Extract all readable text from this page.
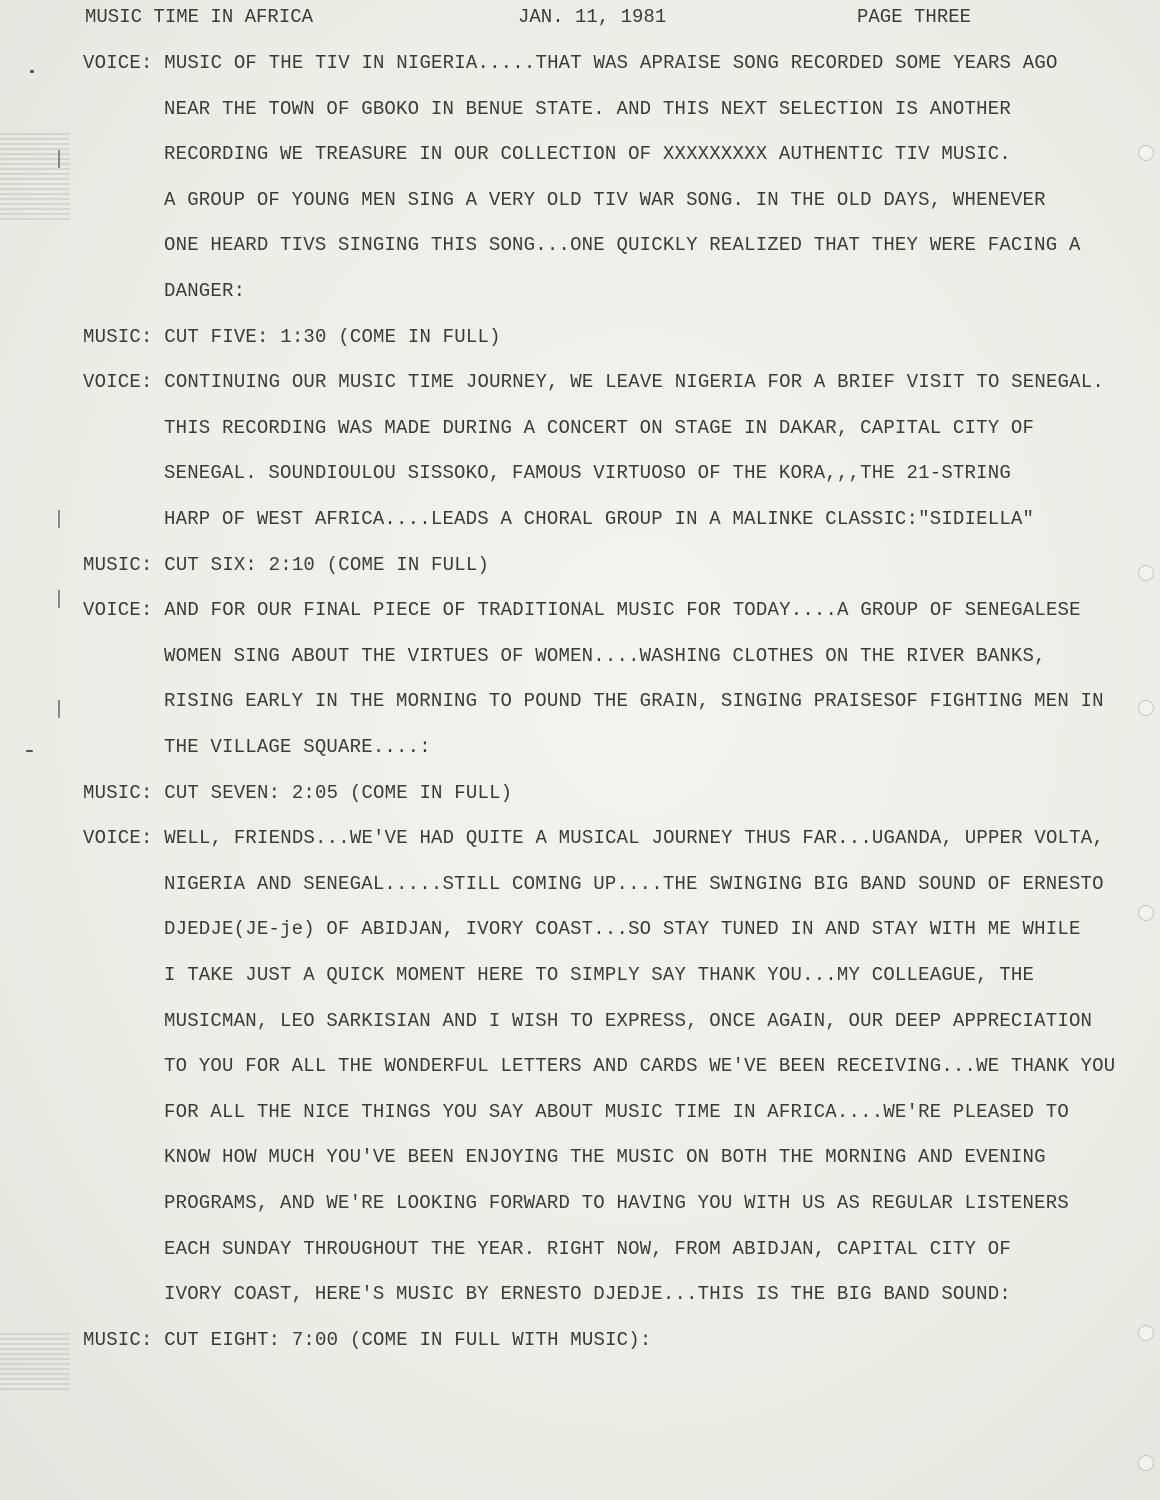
MUSIC TIME IN AFRICA	JAN. 11, 1981	PAGE THREE
VOICE: MUSIC OF THE TIV IN NIGERIA.....THAT WAS APRAISE SONG RECORDED SOME YEARS AGO
NEAR THE TOWN OF GBOKO IN BENUE STATE. AND THIS NEXT SELECTION IS ANOTHER
RECORDING WE TREASURE IN OUR COLLECTION OF XXXXXXXXX AUTHENTIC TIV MUSIC.
A GROUP OF YOUNG MEN SING A VERY OLD TIV WAR SONG. IN THE OLD DAYS, WHENEVER
ONE HEARD TIVS SINGING THIS SONG...ONE QUICKLY REALIZED THAT THEY WERE FACING A
DANGER:
MUSIC: CUT FIVE: 1:30 (COME IN FULL)
VOICE: CONTINUING OUR MUSIC TIME JOURNEY, WE LEAVE NIGERIA FOR A BRIEF VISIT TO SENEGAL.
THIS RECORDING WAS MADE DURING A CONCERT ON STAGE IN DAKAR, CAPITAL CITY OF
SENEGAL. SOUNDIOULOU SISSOKO, FAMOUS VIRTUOSO OF THE KORA,,,THE 21-STRING
HARP OF WEST AFRICA....LEADS A CHORAL GROUP IN A MALINKE CLASSIC:"SIDIELLA"
MUSIC: CUT SIX: 2:10 (COME IN FULL)
VOICE: AND FOR OUR FINAL PIECE OF TRADITIONAL MUSIC FOR TODAY....A GROUP OF SENEGALESE
WOMEN SING ABOUT THE VIRTUES OF WOMEN....WASHING CLOTHES ON THE RIVER BANKS,
RISING EARLY IN THE MORNING TO POUND THE GRAIN, SINGING PRAISESOF FIGHTING MEN IN
THE VILLAGE SQUARE....:
MUSIC: CUT SEVEN: 2:05 (COME IN FULL)
VOICE: WELL, FRIENDS...WE'VE HAD QUITE A MUSICAL JOURNEY THUS FAR...UGANDA, UPPER VOLTA,
NIGERIA AND SENEGAL.....STILL COMING UP....THE SWINGING BIG BAND SOUND OF ERNESTO
DJEDJE(JE-je) OF ABIDJAN, IVORY COAST...SO STAY TUNED IN AND STAY WITH ME WHILE
I TAKE JUST A QUICK MOMENT HERE TO SIMPLY SAY THANK YOU...MY COLLEAGUE, THE
MUSICMAN, LEO SARKISIAN AND I WISH TO EXPRESS, ONCE AGAIN, OUR DEEP APPRECIATION
TO YOU FOR ALL THE WONDERFUL LETTERS AND CARDS WE'VE BEEN RECEIVING...WE THANK YOU
FOR ALL THE NICE THINGS YOU SAY ABOUT MUSIC TIME IN AFRICA....WE'RE PLEASED TO
KNOW HOW MUCH YOU'VE BEEN ENJOYING THE MUSIC ON BOTH THE MORNING AND EVENING
PROGRAMS, AND WE'RE LOOKING FORWARD TO HAVING YOU WITH US AS REGULAR LISTENERS
EACH SUNDAY THROUGHOUT THE YEAR. RIGHT NOW, FROM ABIDJAN, CAPITAL CITY OF
IVORY COAST, HERE'S MUSIC BY ERNESTO DJEDJE...THIS IS THE BIG BAND SOUND:
MUSIC: CUT EIGHT: 7:00 (COME IN FULL WITH MUSIC):
